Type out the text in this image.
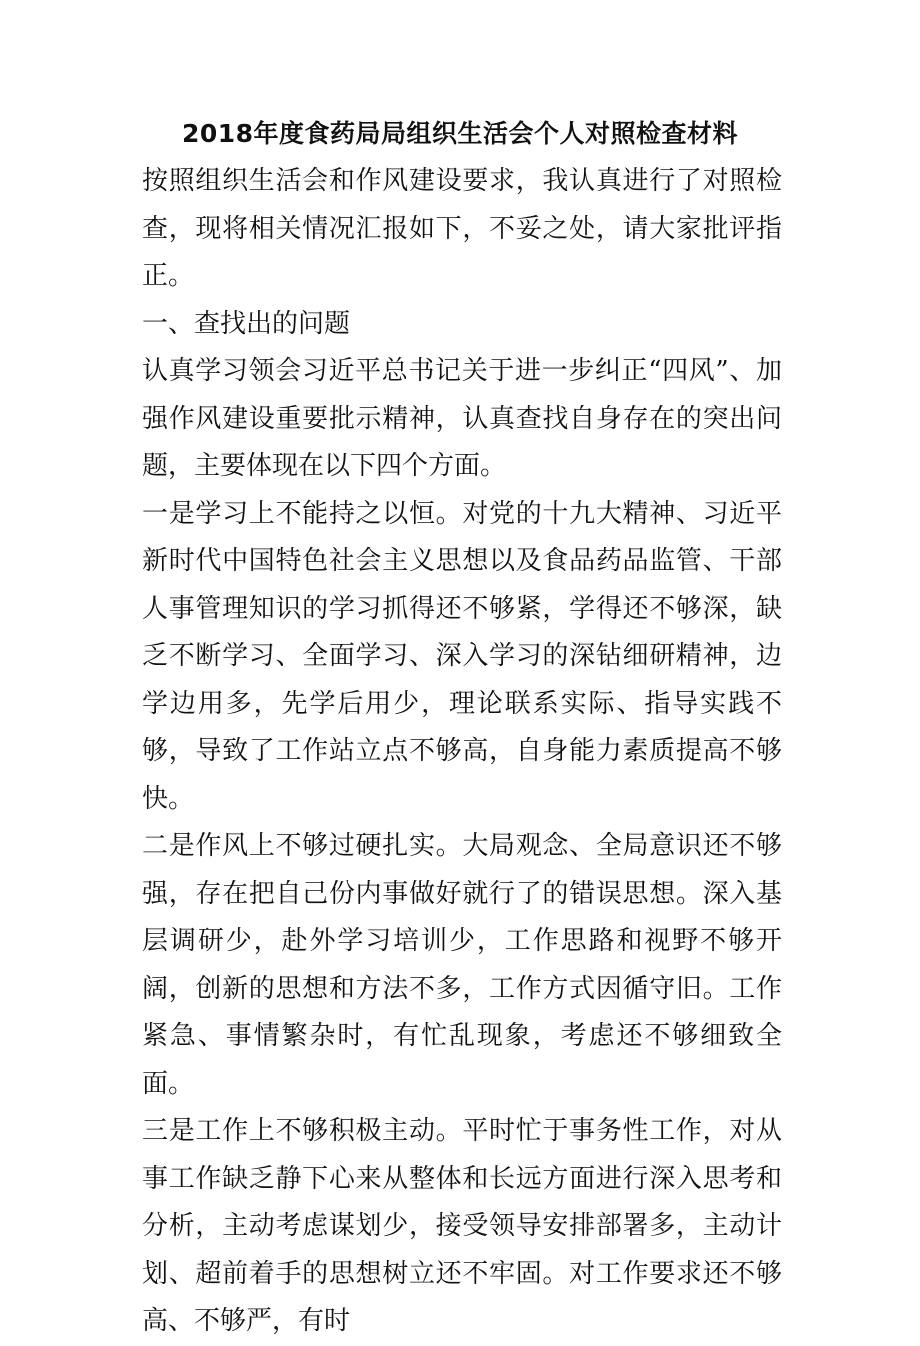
2018年度食药局局组织生活会个人对照检查材料

按照组织生活会和作风建设要求，我认真进行了对照检查，现将相关情况汇报如下，不妥之处，请大家批评指正。

一、查找出的问题

认真学习领会习近平总书记关于进一步纠正“四风”、加强作风建设重要批示精神，认真查找自身存在的突出问题，主要体现在以下四个方面。

一是学习上不能持之以恒。对党的十九大精神、习近平新时代中国特色社会主义思想以及食品药品监管、干部人事管理知识的学习抓得还不够紧，学得还不够深，缺乏不断学习、全面学习、深入学习的深钻细研精神，边学边用多，先学后用少，理论联系实际、指导实践不够，导致了工作站立点不够高，自身能力素质提高不够快。

二是作风上不够过硬扎实。大局观念、全局意识还不够强，存在把自己份内事做好就行了的错误思想。深入基层调研少，赴外学习培训少，工作思路和视野不够开阔，创新的思想和方法不多，工作方式因循守旧。工作紧急、事情繁杂时，有忙乱现象，考虑还不够细致全面。

三是工作上不够积极主动。平时忙于事务性工作，对从事工作缺乏静下心来从整体和长远方面进行深入思考和分析，主动考虑谋划少，接受领导安排部署多，主动计划、超前着手的思想树立还不牢固。对工作要求还不够高、不够严，有时
